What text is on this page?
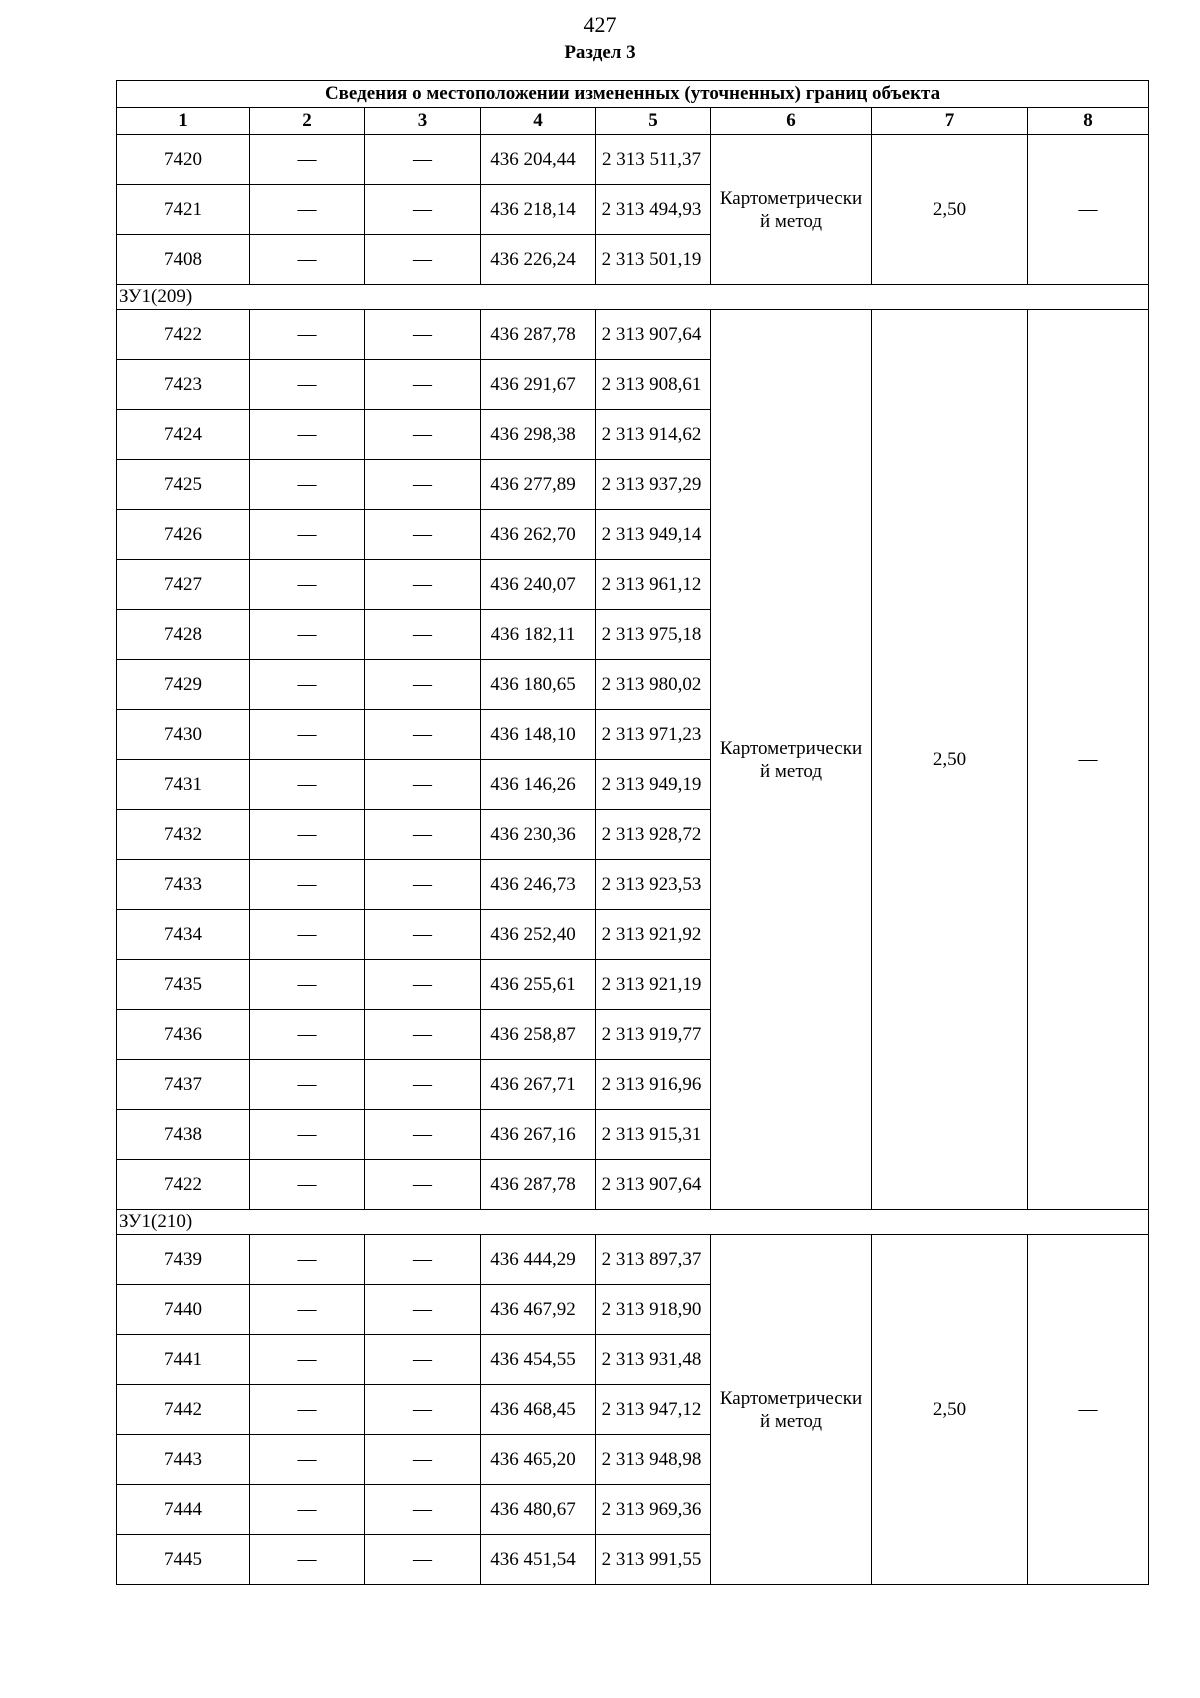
427
Раздел 3
Сведения о местоположении измененных (уточненных) границ объекта							
1	2	3	4	5	6	7	8
7420	—	—	436 204,44	2 313 511,37	Картометрически й метод	2,50	—
7421	—	—	436 218,14	2 313 494,93			
7408	—	—	436 226,24	2 313 501,19			
ЗУ1(209)							
7422	—	—	436 287,78	2 313 907,64	Картометрически й метод	2,50	—
7423	—	—	436 291,67	2 313 908,61			
7424	—	—	436 298,38	2 313 914,62			
7425	—	—	436 277,89	2 313 937,29			
7426	—	—	436 262,70	2 313 949,14			
7427	—	—	436 240,07	2 313 961,12			
7428	—	—	436 182,11	2 313 975,18			
7429	—	—	436 180,65	2 313 980,02			
7430	—	—	436 148,10	2 313 971,23			
7431	—	—	436 146,26	2 313 949,19			
7432	—	—	436 230,36	2 313 928,72			
7433	—	—	436 246,73	2 313 923,53			
7434	—	—	436 252,40	2 313 921,92			
7435	—	—	436 255,61	2 313 921,19			
7436	—	—	436 258,87	2 313 919,77			
7437	—	—	436 267,71	2 313 916,96			
7438	—	—	436 267,16	2 313 915,31			
7422	—	—	436 287,78	2 313 907,64			
ЗУ1(210)							
7439	—	—	436 444,29	2 313 897,37	Картометрически й метод	2,50	—
7440	—	—	436 467,92	2 313 918,90			
7441	—	—	436 454,55	2 313 931,48			
7442	—	—	436 468,45	2 313 947,12			
7443	—	—	436 465,20	2 313 948,98			
7444	—	—	436 480,67	2 313 969,36			
7445	—	—	436 451,54	2 313 991,55			
